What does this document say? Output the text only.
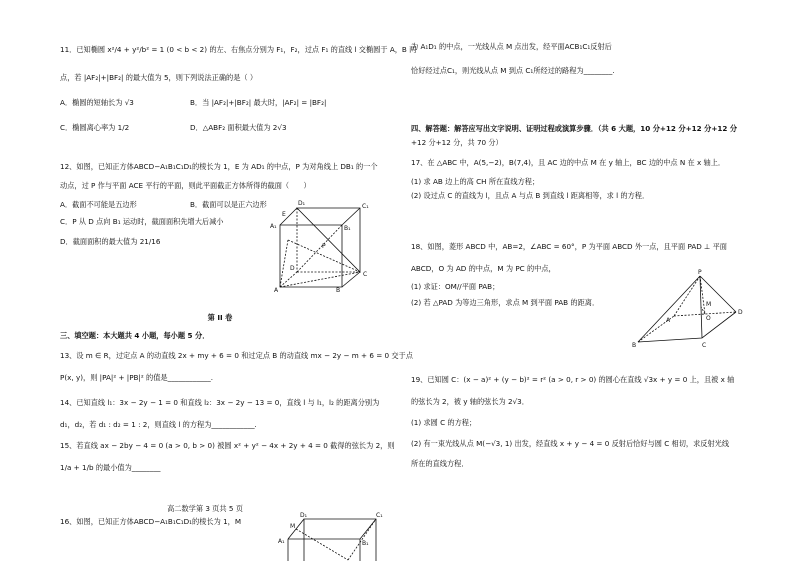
11．已知椭圆 x²/4 + y²/b² = 1 (0 < b < 2) 的左、右焦点分别为 F₁，F₂，过点 F₁ 的直线 l 交椭圆于 A，B 两
点，若 |AF₂|+|BF₂| 的最大值为 5，则下列说法正确的是（ ）
A．椭圆的短轴长为 √3	B．当 |AF₂|+|BF₂| 最大时，|AF₂| = |BF₂|
C．椭圆离心率为 1/2	D．△ABF₂ 面积最大值为 2√3
12、如图，已知正方体ABCD−A₁B₁C₁D₁的棱长为 1，E 为 AD₁ 的中点，P 为对角线上 DB₁ 的一个
动点，过 P 作与平面 ACE 平行的平面，则此平面截正方体所得的截面（　　）
A．截面不可能是五边形	B．截面可以是正六边形
C．P 从 D 点向 B₁ 运动时，截面面积先增大后减小
D．截面面积的最大值为 21/16
E
D₁	C₁
A₁	B₁
P
D
C
A	B
第 II 卷
三、填空题：本大题共 4 小题，每小题 5 分．
13、设 m ∈ R，过定点 A 的动直线 2x + my + 6 = 0 和过定点 B 的动直线 mx − 2y − m + 6 = 0 交于点
P(x, y)，则 |PA|² + |PB|² 的值是____________.
14、已知直线 l₁：3x − 2y − 1 = 0 和直线 l₂：3x − 2y − 13 = 0，直线 l 与 l₁，l₂ 的距离分别为
d₁，d₂，若 d₁ : d₂ = 1 : 2，则直线 l 的方程为____________.
15、若直线 ax − 2by − 4 = 0 (a > 0, b > 0) 被圆 x² + y² − 4x + 2y + 4 = 0 截得的弦长为 2，则
1/a + 1/b 的最小值为________
高二数学第 3 页共 5 页
16、如图，已知正方体ABCD−A₁B₁C₁D₁的棱长为 1，M
M
A₁
D₁	C₁
B₁
为 A₁D₁ 的中点，一光线从点 M 点出发，经平面ACB₁C₁反射后
恰好经过点C₁，则光线从点 M 到点 C₁所经过的路程为________.
四、解答题：解答应写出文字说明、证明过程或演算步骤．（共 6 大题，10 分+12 分+12 分+12 分
+12 分+12 分，共 70 分）
17、在 △ABC 中，A(5,−2)，B(7,4)，且 AC 边的中点 M 在 y 轴上，BC 边的中点 N 在 x 轴上．
(1) 求 AB 边上的高 CH 所在直线方程；
(2) 设过点 C 的直线为 l，且点 A 与点 B 到直线 l 距离相等，求 l 的方程．
18、如图，菱形 ABCD 中，AB=2，∠ABC = 60°，P 为平面 ABCD 外一点，且平面 PAD ⊥ 平面
ABCD，O 为 AD 的中点，M 为 PC 的中点，
(1) 求证：OM//平面 PAB；
(2) 若 △PAD 为等边三角形，求点 M 到平面 PAB 的距离．
P
M
D
A	O
B	C
19、已知圆 C：(x − a)² + (y − b)² = r² (a > 0, r > 0) 的圆心在直线 √3x + y = 0 上，且被 x 轴
的弦长为 2，被 y 轴的弦长为 2√3．
(1) 求圆 C 的方程；
(2) 有一束光线从点 M(−√3, 1) 出发，经直线 x + y − 4 = 0 反射后恰好与圆 C 相切，求反射光线
所在的直线方程．
